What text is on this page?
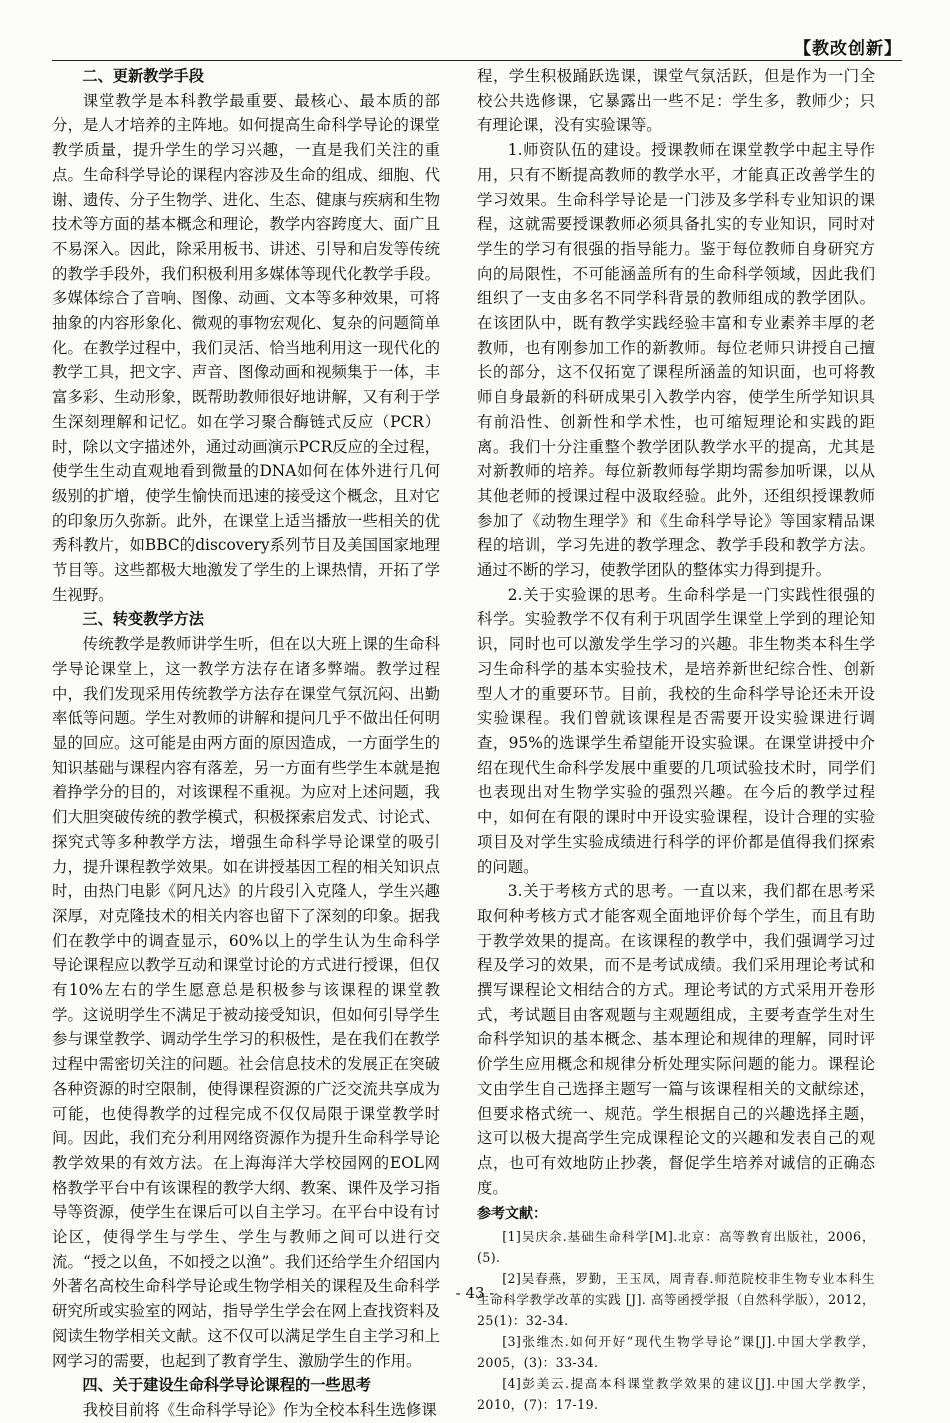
【教改创新】
二、更新教学手段

课堂教学是本科教学最重要、最核心、最本质的部分，是人才培养的主阵地。如何提高生命科学导论的课堂教学质量，提升学生的学习兴趣，一直是我们关注的重点。生命科学导论的课程内容涉及生命的组成、细胞、代谢、遗传、分子生物学、进化、生态、健康与疾病和生物技术等方面的基本概念和理论，教学内容跨度大、面广且不易深入。因此，除采用板书、讲述、引导和启发等传统的教学手段外，我们积极利用多媒体等现代化教学手段。多媒体综合了音响、图像、动画、文本等多种效果，可将抽象的内容形象化、微观的事物宏观化、复杂的问题简单化。在教学过程中，我们灵活、恰当地利用这一现代化的教学工具，把文字、声音、图像动画和视频集于一体，丰富多彩、生动形象，既帮助教师很好地讲解，又有利于学生深刻理解和记忆。如在学习聚合酶链式反应（PCR）时，除以文字描述外，通过动画演示PCR反应的全过程，使学生生动直观地看到微量的DNA如何在体外进行几何级别的扩增，使学生愉快而迅速的接受这个概念，且对它的印象历久弥新。此外，在课堂上适当播放一些相关的优秀科教片，如BBC的discovery系列节目及美国国家地理节目等。这些都极大地激发了学生的上课热情，开拓了学生视野。

三、转变教学方法

传统教学是教师讲学生听，但在以大班上课的生命科学导论课堂上，这一教学方法存在诸多弊端。教学过程中，我们发现采用传统教学方法存在课堂气氛沉闷、出勤率低等问题。学生对教师的讲解和提问几乎不做出任何明显的回应。这可能是由两方面的原因造成，一方面学生的知识基础与课程内容有落差，另一方面有些学生本就是抱着挣学分的目的，对该课程不重视。为应对上述问题，我们大胆突破传统的教学模式，积极探索启发式、讨论式、探究式等多种教学方法，增强生命科学导论课堂的吸引力，提升课程教学效果。如在讲授基因工程的相关知识点时，由热门电影《阿凡达》的片段引入克隆人，学生兴趣深厚，对克隆技术的相关内容也留下了深刻的印象。据我们在教学中的调查显示，60%以上的学生认为生命科学导论课程应以教学互动和课堂讨论的方式进行授课，但仅有10%左右的学生愿意总是积极参与该课程的课堂教学。这说明学生不满足于被动接受知识，但如何引导学生参与课堂教学、调动学生学习的积极性，是在我们在教学过程中需密切关注的问题。社会信息技术的发展正在突破各种资源的时空限制，使得课程资源的广泛交流共享成为可能，也使得教学的过程完成不仅仅局限于课堂教学时间。因此，我们充分利用网络资源作为提升生命科学导论教学效果的有效方法。在上海海洋大学校园网的EOL网格教学平台中有该课程的教学大纲、教案、课件及学习指导等资源，使学生在课后可以自主学习。在平台中设有讨论区，使得学生与学生、学生与教师之间可以进行交流。“授之以鱼，不如授之以渔”。我们还给学生介绍国内外著名高校生命科学导论或生物学相关的课程及生命科学研究所或实验室的网站，指导学生学会在网上查找资料及阅读生物学相关文献。这不仅可以满足学生自主学习和上网学习的需要，也起到了教育学生、激励学生的作用。

四、关于建设生命科学导论课程的一些思考

我校目前将《生命科学导论》作为全校本科生选修课

程，学生积极踊跃选课，课堂气氛活跃，但是作为一门全校公共选修课，它暴露出一些不足：学生多，教师少；只有理论课，没有实验课等。

1.师资队伍的建设。授课教师在课堂教学中起主导作用，只有不断提高教师的教学水平，才能真正改善学生的学习效果。生命科学导论是一门涉及多学科专业知识的课程，这就需要授课教师必须具备扎实的专业知识，同时对学生的学习有很强的指导能力。鉴于每位教师自身研究方向的局限性，不可能涵盖所有的生命科学领域，因此我们组织了一支由多名不同学科背景的教师组成的教学团队。在该团队中，既有教学实践经验丰富和专业素养丰厚的老教师，也有刚参加工作的新教师。每位老师只讲授自己擅长的部分，这不仅拓宽了课程所涵盖的知识面，也可将教师自身最新的科研成果引入教学内容，使学生所学知识具有前沿性、创新性和学术性，也可缩短理论和实践的距离。我们十分注重整个教学团队教学水平的提高，尤其是对新教师的培养。每位新教师每学期均需参加听课，以从其他老师的授课过程中汲取经验。此外，还组织授课教师参加了《动物生理学》和《生命科学导论》等国家精品课程的培训，学习先进的教学理念、教学手段和教学方法。通过不断的学习，使教学团队的整体实力得到提升。

2.关于实验课的思考。生命科学是一门实践性很强的科学。实验教学不仅有利于巩固学生课堂上学到的理论知识，同时也可以激发学生学习的兴趣。非生物类本科生学习生命科学的基本实验技术，是培养新世纪综合性、创新型人才的重要环节。目前，我校的生命科学导论还未开设实验课程。我们曾就该课程是否需要开设实验课进行调查，95%的选课学生希望能开设实验课。在课堂讲授中介绍在现代生命科学发展中重要的几项试验技术时，同学们也表现出对生物学实验的强烈兴趣。在今后的教学过程中，如何在有限的课时中开设实验课程，设计合理的实验项目及对学生实验成绩进行科学的评价都是值得我们探索的问题。

3.关于考核方式的思考。一直以来，我们都在思考采取何种考核方式才能客观全面地评价每个学生，而且有助于教学效果的提高。在该课程的教学中，我们强调学习过程及学习的效果，而不是考试成绩。我们采用理论考试和撰写课程论文相结合的方式。理论考试的方式采用开卷形式，考试题目由客观题与主观题组成，主要考查学生对生命科学知识的基本概念、基本理论和规律的理解，同时评价学生应用概念和规律分析处理实际问题的能力。课程论文由学生自己选择主题写一篇与该课程相关的文献综述，但要求格式统一、规范。学生根据自己的兴趣选择主题，这可以极大提高学生完成课程论文的兴趣和发表自己的观点，也可有效地防止抄袭，督促学生培养对诚信的正确态度。

参考文献：

[1]吴庆余.基础生命科学[M].北京：高等教育出版社，2006，(5).

[2]吴春燕，罗勤，王玉凤，周青春.师范院校非生物专业本科生生命科学教学改革的实践 [J]. 高等函授学报（自然科学版），2012，25(1)：32-34.

[3]张维杰.如何开好“现代生物学导论”课[J].中国大学教学，2005，(3)：33-34.

[4]彭美云.提高本科课堂教学效果的建议[J].中国大学教学，2010，(7)：17-19.

- 43 -
